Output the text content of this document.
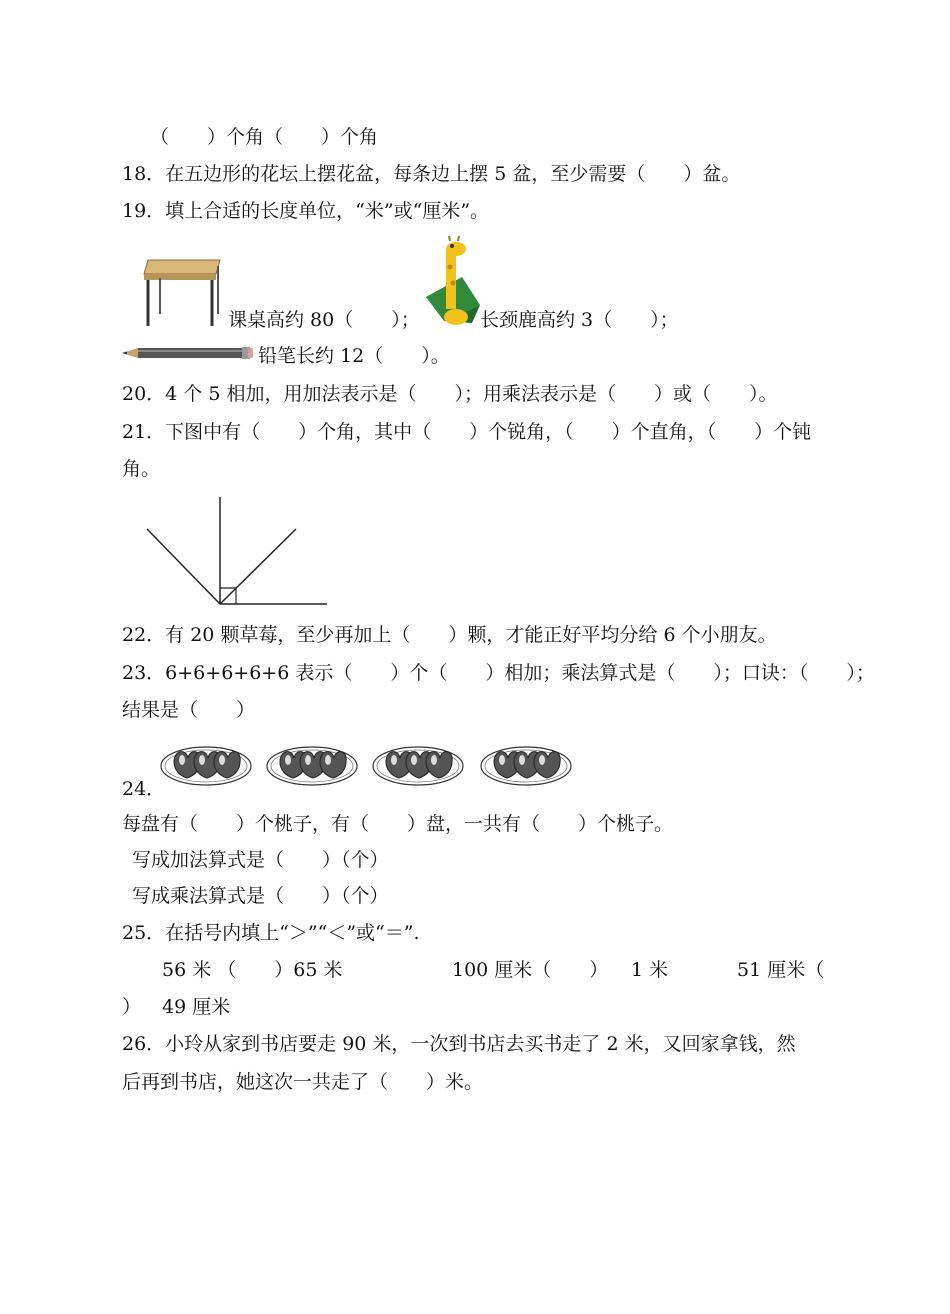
（　　）个角（　　）个角
18．在五边形的花坛上摆花盆，每条边上摆 5 盆，至少需要（　　）盆。
19．填上合适的长度单位，“米”或“厘米”。
课桌高约 80（　　）；	长颈鹿高约 3（　　）；
铅笔长约 12（　　）。
20．4 个 5 相加，用加法表示是（　　）；用乘法表示是（　　）或（　　）。
21．下图中有（　　）个角，其中（　　）个锐角，（　　）个直角，（　　）个钝
角。
22．有 20 颗草莓，至少再加上（　　）颗，才能正好平均分给 6 个小朋友。
23．6+6+6+6+6 表示（　　）个（　　）相加；乘法算式是（　　）；口诀：（　　）；
结果是（　　）
24．
每盘有（　　）个桃子，有（　　）盘，一共有（　　）个桃子。
写成加法算式是（　　）（个）
写成乘法算式是（　　）（个）
25．在括号内填上“＞”“＜”或“＝”.
56 米 （　　）65 米	100 厘米（　　） 1 米	51 厘米（
） 49 厘米
26．小玲从家到书店要走 90 米，一次到书店去买书走了 2 米，又回家拿钱，然
后再到书店，她这次一共走了（　　）米。
